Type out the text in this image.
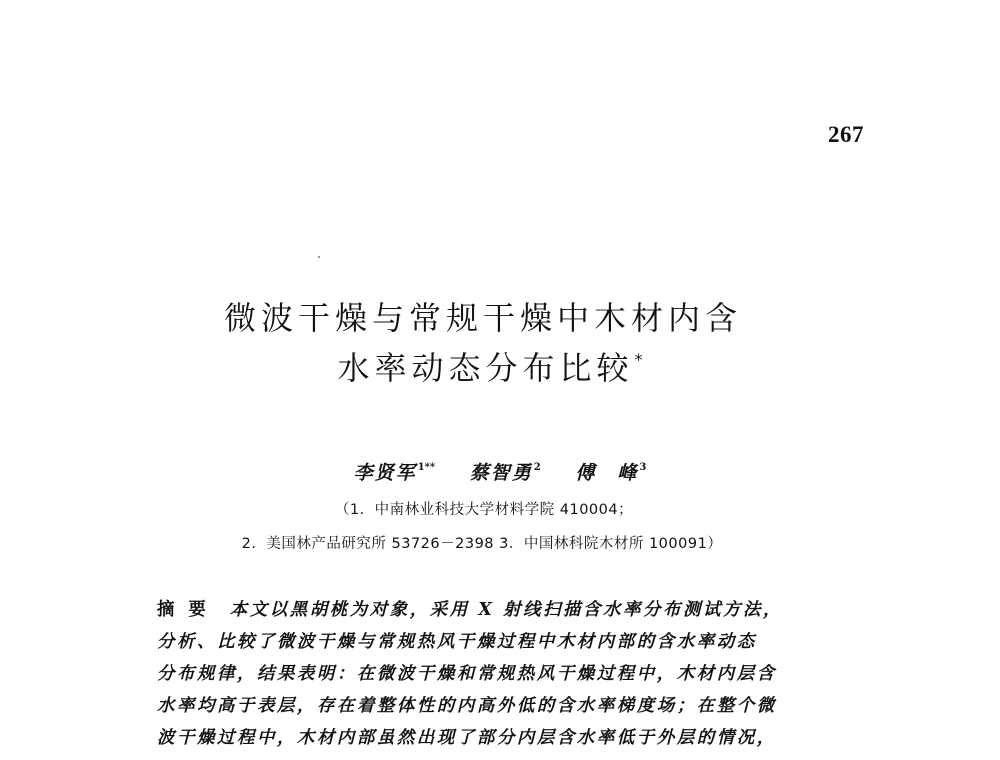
267
微波干燥与常规干燥中木材内含
水率动态分布比较*
李贤军$^{1**}$ 蔡智勇$^2$ 傅　峰$^3$
（1．中南林业科技大学材料学院 410004；
2．美国林产品研究所 53726－2398 3．中国林科院木材所 100091）
摘要 本文以黑胡桃为对象，采用 X 射线扫描含水率分布测试方法，
分析、比较了微波干燥与常规热风干燥过程中木材内部的含水率动态
分布规律，结果表明：在微波干燥和常规热风干燥过程中，木材内层含
水率均高于表层，存在着整体性的内高外低的含水率梯度场；在整个微
波干燥过程中，木材内部虽然出现了部分内层含水率低于外层的情况，
